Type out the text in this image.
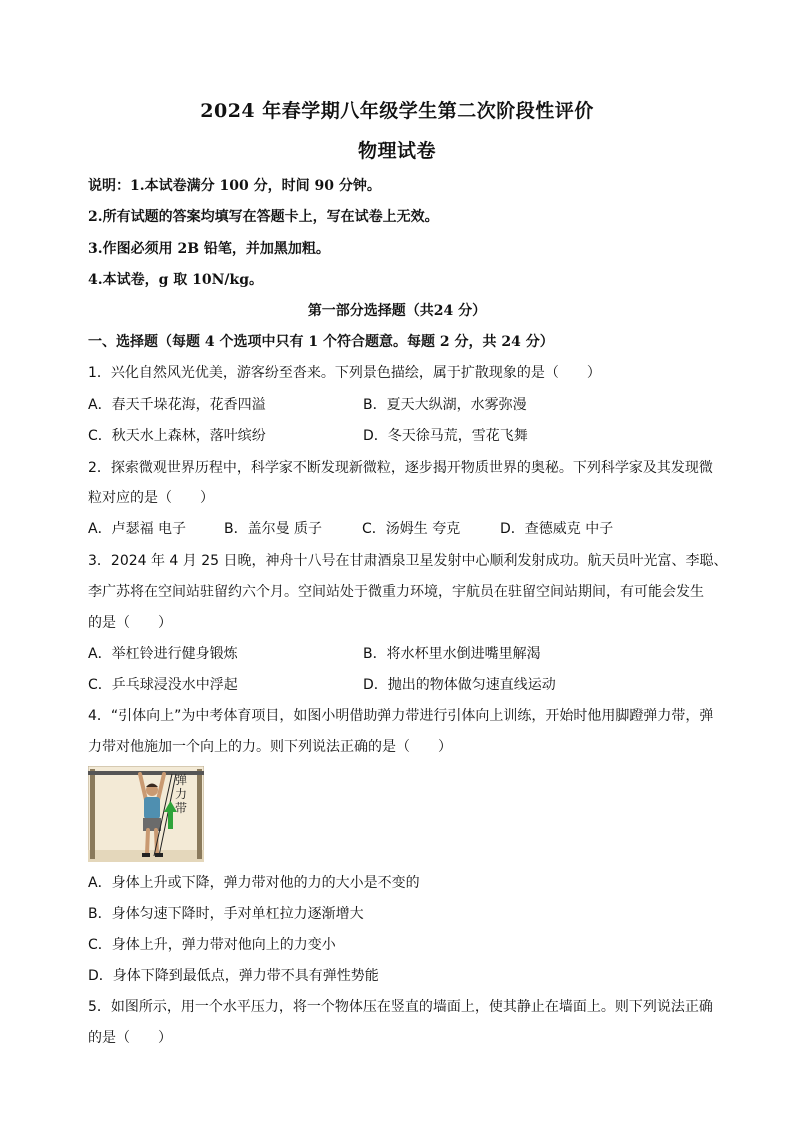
2024 年春学期八年级学生第二次阶段性评价
物理试卷
说明：1.本试卷满分 100 分，时间 90 分钟。
2.所有试题的答案均填写在答题卡上，写在试卷上无效。
3.作图必须用 2B 铅笔，并加黑加粗。
4.本试卷，g 取 10N/kg。
第一部分选择题（共24 分）
一、选择题（每题 4 个选项中只有 1 个符合题意。每题 2 分，共 24 分）
1．兴化自然风光优美，游客纷至沓来。下列景色描绘，属于扩散现象的是（　　）
A．春天千垛花海，花香四溢	B．夏天大纵湖，水雾弥漫
C．秋天水上森林，落叶缤纷	D．冬天徐马荒，雪花飞舞
2．探索微观世界历程中，科学家不断发现新微粒，逐步揭开物质世界的奥秘。下列科学家及其发现微
粒对应的是（　　）
A．卢瑟福 电子	B．盖尔曼 质子	C．汤姆生 夸克	D．查德威克 中子
3．2024 年 4 月 25 日晚，神舟十八号在甘肃酒泉卫星发射中心顺利发射成功。航天员叶光富、李聪、
李广苏将在空间站驻留约六个月。空间站处于微重力环境，宇航员在驻留空间站期间，有可能会发生
的是（　　）
A．举杠铃进行健身锻炼	B．将水杯里水倒进嘴里解渴
C．乒乓球浸没水中浮起	D．抛出的物体做匀速直线运动
4．“引体向上”为中考体育项目，如图小明借助弹力带进行引体向上训练，开始时他用脚蹬弹力带，弹
力带对他施加一个向上的力。则下列说法正确的是（　　）
弹力带
A．身体上升或下降，弹力带对他的力的大小是不变的
B．身体匀速下降时，手对单杠拉力逐渐增大
C．身体上升，弹力带对他向上的力变小
D．身体下降到最低点，弹力带不具有弹性势能
5．如图所示，用一个水平压力，将一个物体压在竖直的墙面上，使其静止在墙面上。则下列说法正确
的是（　　）
